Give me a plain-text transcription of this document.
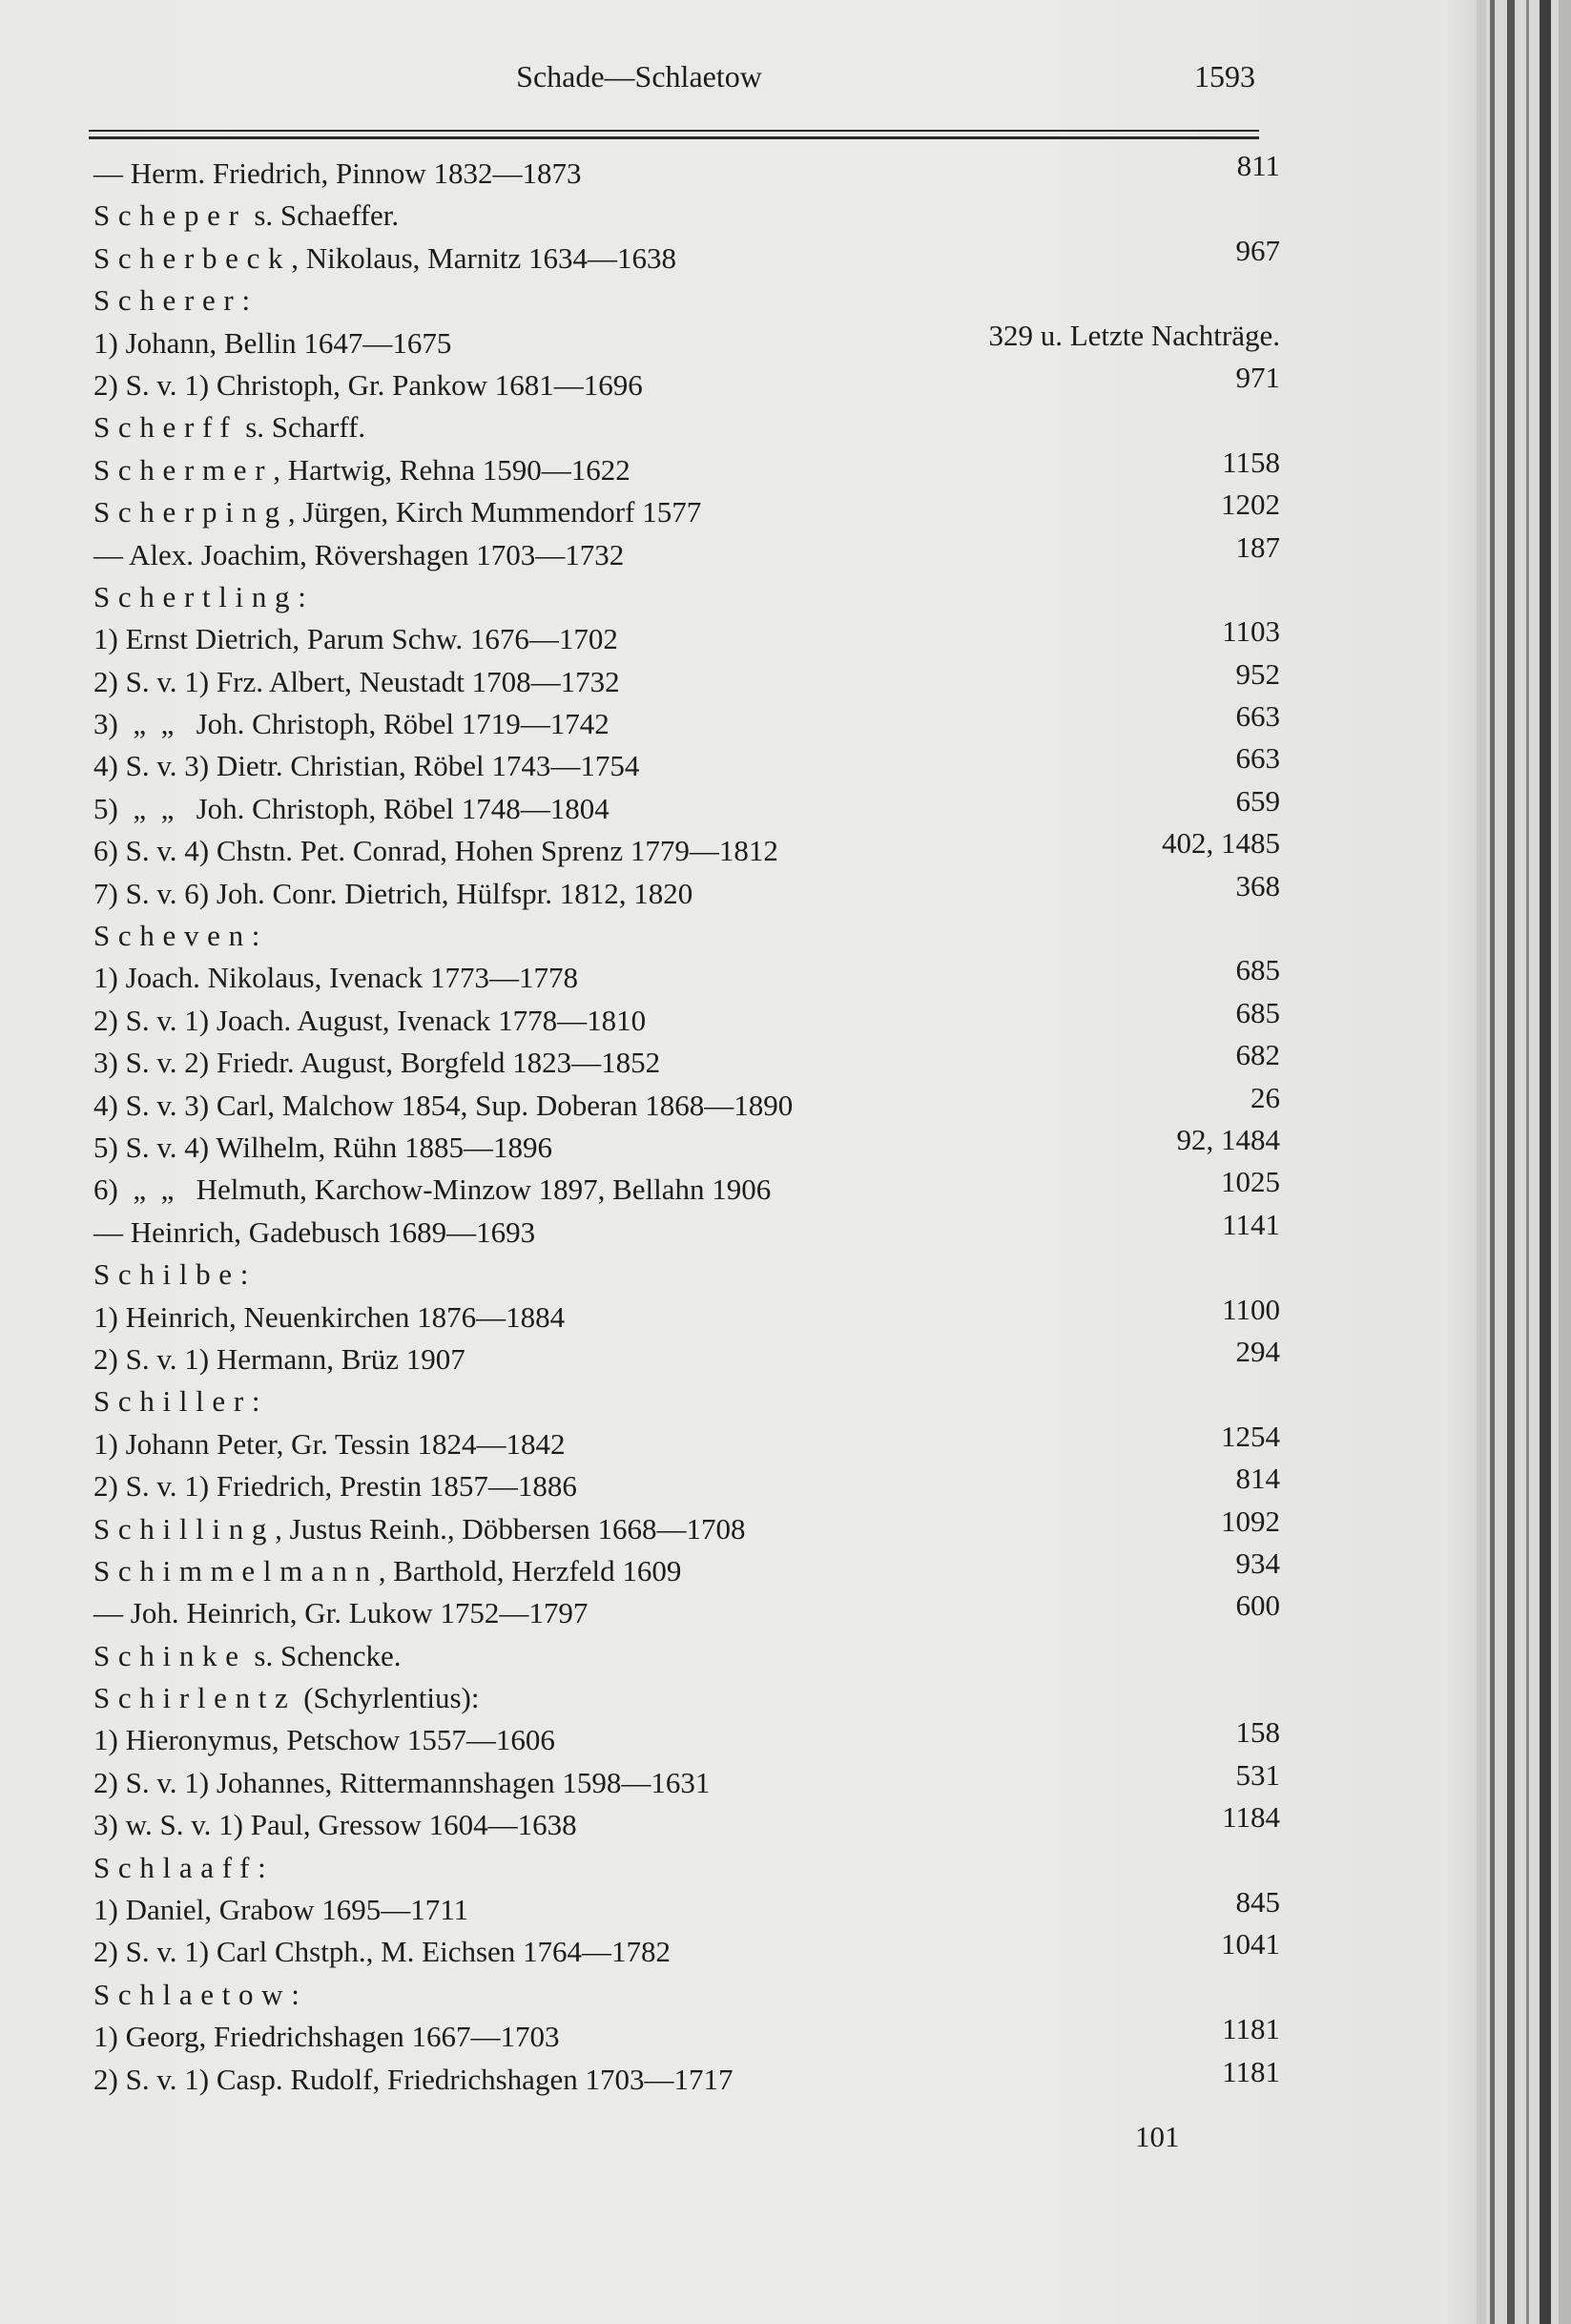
Schade—Schlaetow	1593
— Herm. Friedrich, Pinnow 1832—1873	811
Scheper s. Schaeffer.
Scherbeck, Nikolaus, Marnitz 1634—1638	967
Scherer:
1) Johann, Bellin 1647—1675	329 u. Letzte Nachträge.
2) S. v. 1) Christoph, Gr. Pankow 1681—1696	971
Scherff s. Scharff.
Schermer, Hartwig, Rehna 1590—1622	1158
Scherping, Jürgen, Kirch Mummendorf 1577	1202
— Alex. Joachim, Rövershagen 1703—1732	187
Schertling:
1) Ernst Dietrich, Parum Schw. 1676—1702	1103
2) S. v. 1) Frz. Albert, Neustadt 1708—1732	952
3)  „  „   Joh. Christoph, Röbel 1719—1742	663
4) S. v. 3) Dietr. Christian, Röbel 1743—1754	663
5)  „  „   Joh. Christoph, Röbel 1748—1804	659
6) S. v. 4) Chstn. Pet. Conrad, Hohen Sprenz 1779—1812	402, 1485
7) S. v. 6) Joh. Conr. Dietrich, Hülfspr. 1812, 1820	368
Scheven:
1) Joach. Nikolaus, Ivenack 1773—1778	685
2) S. v. 1) Joach. August, Ivenack 1778—1810	685
3) S. v. 2) Friedr. August, Borgfeld 1823—1852	682
4) S. v. 3) Carl, Malchow 1854, Sup. Doberan 1868—1890	26
5) S. v. 4) Wilhelm, Rühn 1885—1896	92, 1484
6)  „  „   Helmuth, Karchow-Minzow 1897, Bellahn 1906	1025
— Heinrich, Gadebusch 1689—1693	1141
Schilbe:
1) Heinrich, Neuenkirchen 1876—1884	1100
2) S. v. 1) Hermann, Brüz 1907	294
Schiller:
1) Johann Peter, Gr. Tessin 1824—1842	1254
2) S. v. 1) Friedrich, Prestin 1857—1886	814
Schilling, Justus Reinh., Döbbersen 1668—1708	1092
Schimmelmann, Barthold, Herzfeld 1609	934
— Joh. Heinrich, Gr. Lukow 1752—1797	600
Schinke s. Schencke.
Schirlentz (Schyrlentius):
1) Hieronymus, Petschow 1557—1606	158
2) S. v. 1) Johannes, Rittermannshagen 1598—1631	531
3) w. S. v. 1) Paul, Gressow 1604—1638	1184
Schlaaff:
1) Daniel, Grabow 1695—1711	845
2) S. v. 1) Carl Chstph., M. Eichsen 1764—1782	1041
Schlaetow:
1) Georg, Friedrichshagen 1667—1703	1181
2) S. v. 1) Casp. Rudolf, Friedrichshagen 1703—1717	1181
101
